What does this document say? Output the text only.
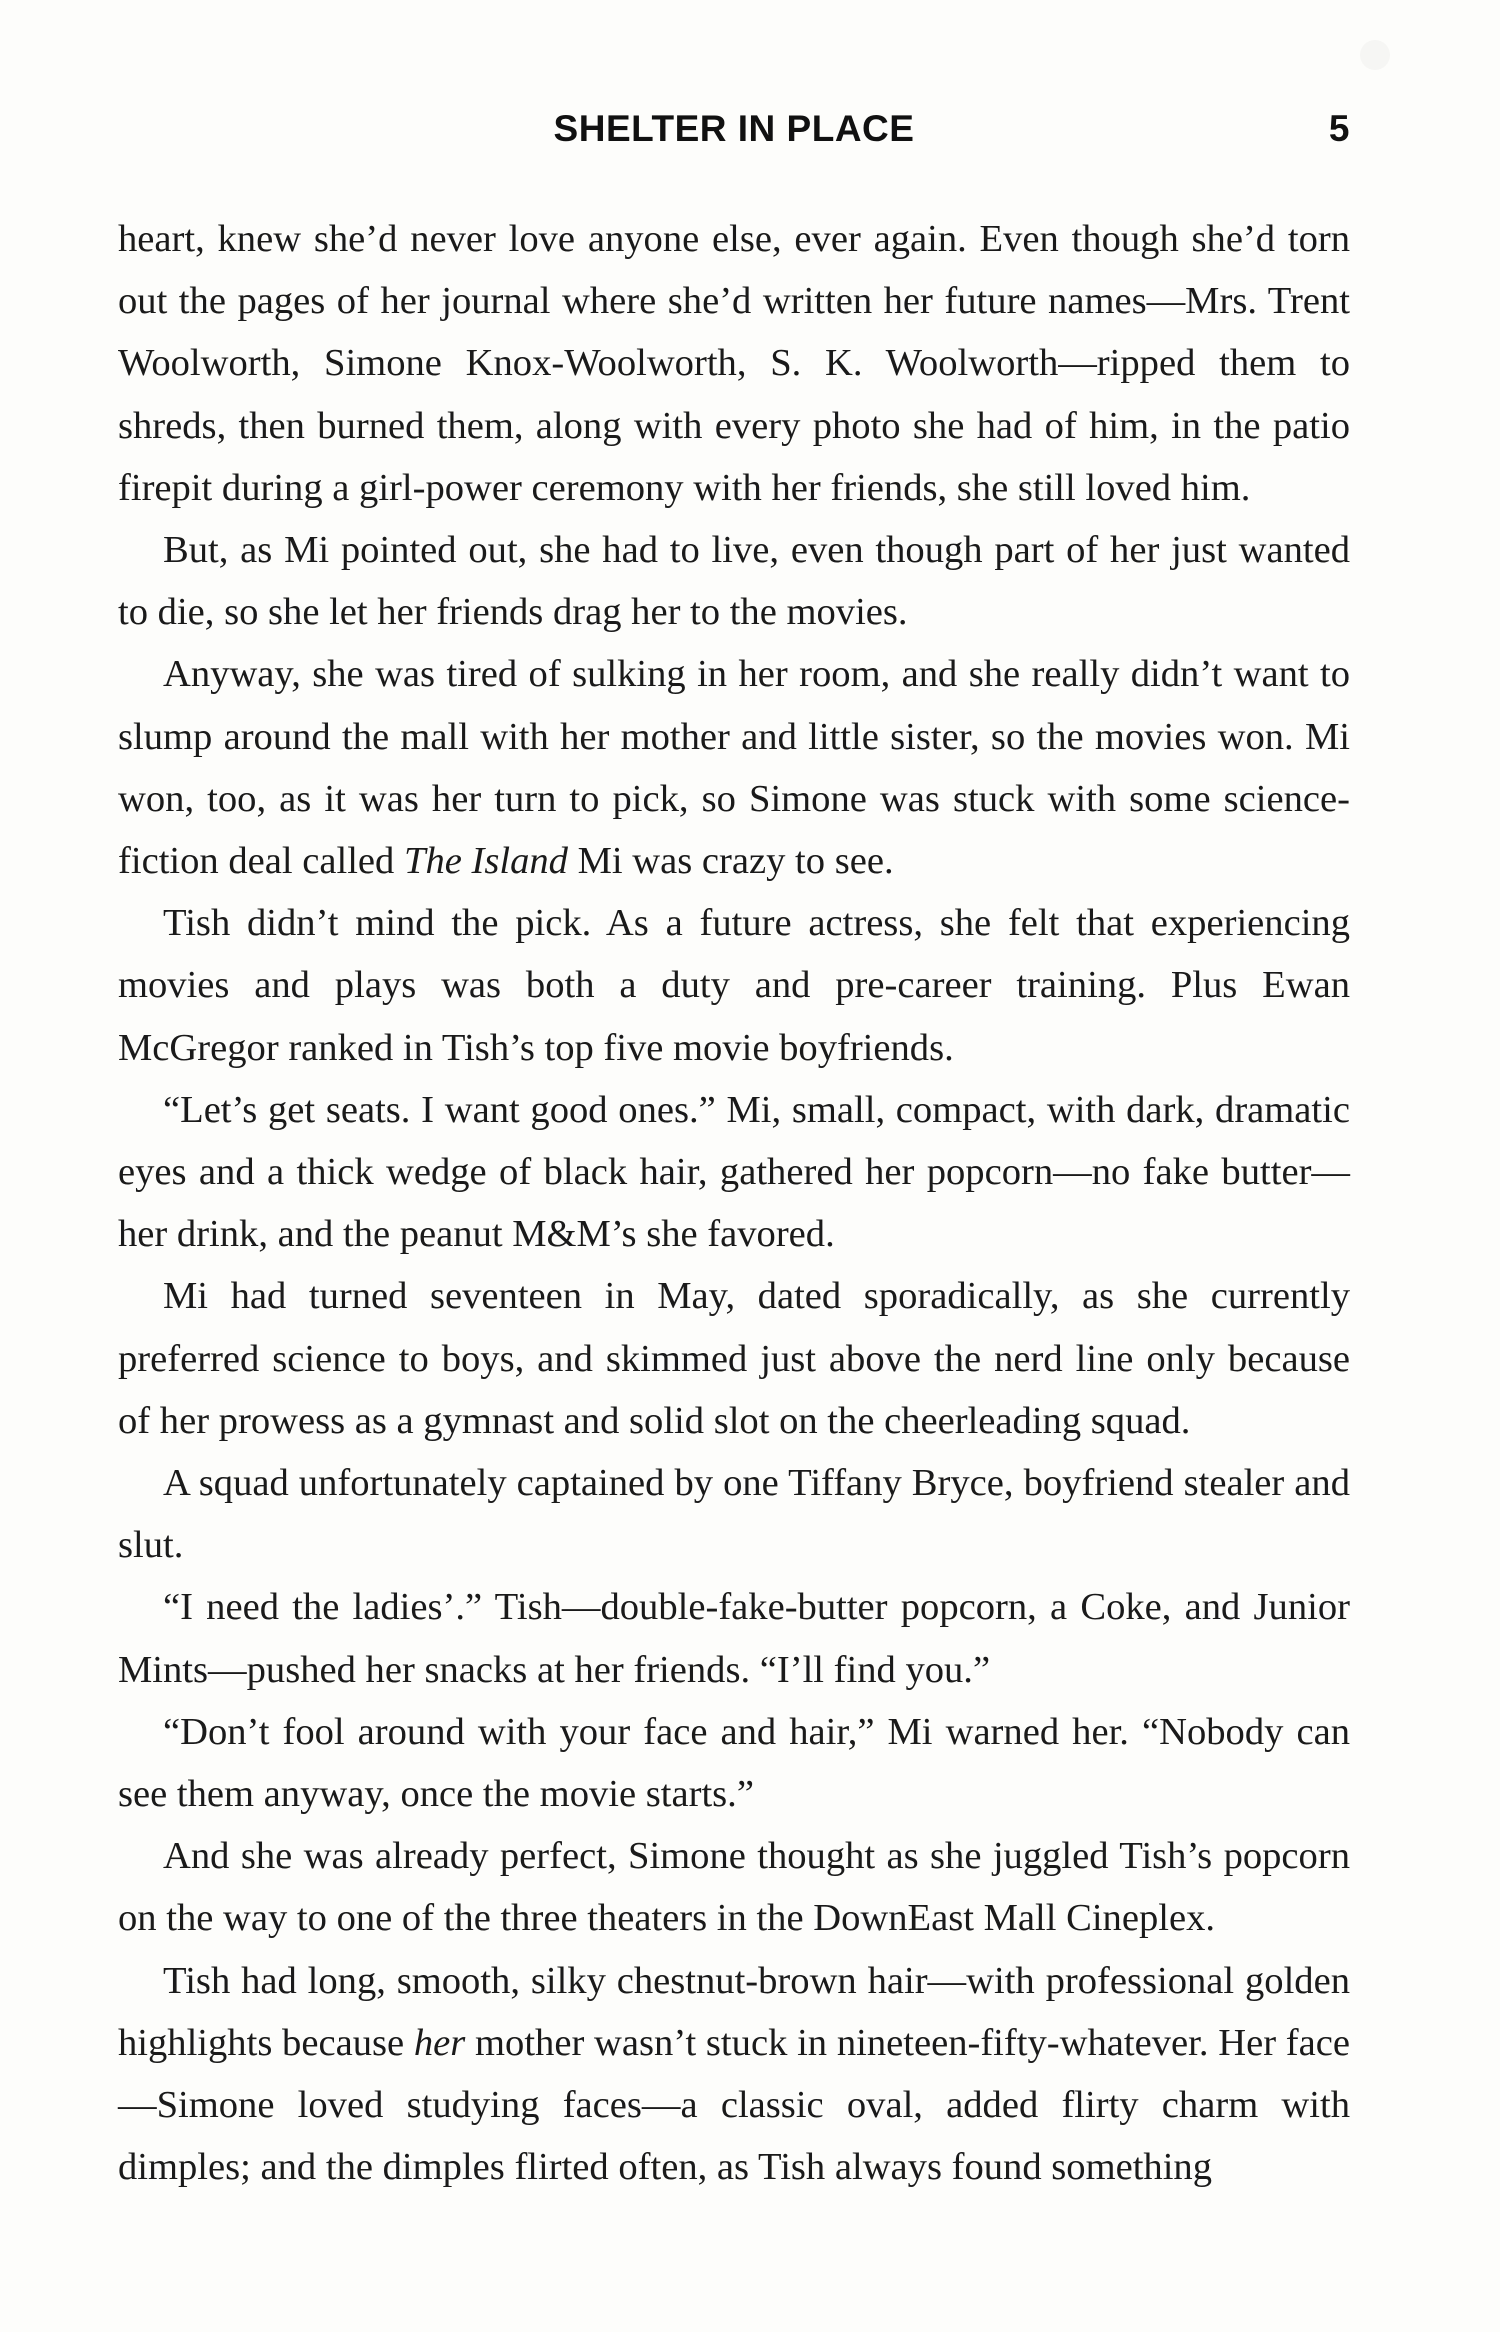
SHELTER IN PLACE	5

heart, knew she’d never love anyone else, ever again. Even though she’d torn out the pages of her journal where she’d written her future names—Mrs. Trent Woolworth, Simone Knox-Woolworth, S. K. Woolworth—ripped them to shreds, then burned them, along with every photo she had of him, in the patio firepit during a girl-power ceremony with her friends, she still loved him.

But, as Mi pointed out, she had to live, even though part of her just wanted to die, so she let her friends drag her to the movies.

Anyway, she was tired of sulking in her room, and she really didn’t want to slump around the mall with her mother and little sister, so the movies won. Mi won, too, as it was her turn to pick, so Simone was stuck with some science-fiction deal called The Island Mi was crazy to see.

Tish didn’t mind the pick. As a future actress, she felt that experiencing movies and plays was both a duty and pre-career training. Plus Ewan McGregor ranked in Tish’s top five movie boyfriends.

“Let’s get seats. I want good ones.” Mi, small, compact, with dark, dramatic eyes and a thick wedge of black hair, gathered her popcorn—no fake butter—her drink, and the peanut M&M’s she favored.

Mi had turned seventeen in May, dated sporadically, as she currently preferred science to boys, and skimmed just above the nerd line only because of her prowess as a gymnast and solid slot on the cheerleading squad.

A squad unfortunately captained by one Tiffany Bryce, boyfriend stealer and slut.

“I need the ladies’.” Tish—double-fake-butter popcorn, a Coke, and Junior Mints—pushed her snacks at her friends. “I’ll find you.”

“Don’t fool around with your face and hair,” Mi warned her. “Nobody can see them anyway, once the movie starts.”

And she was already perfect, Simone thought as she juggled Tish’s popcorn on the way to one of the three theaters in the DownEast Mall Cineplex.

Tish had long, smooth, silky chestnut-brown hair—with professional golden highlights because her mother wasn’t stuck in nineteen-fifty-whatever. Her face—Simone loved studying faces—a classic oval, added flirty charm with dimples; and the dimples flirted often, as Tish always found something
